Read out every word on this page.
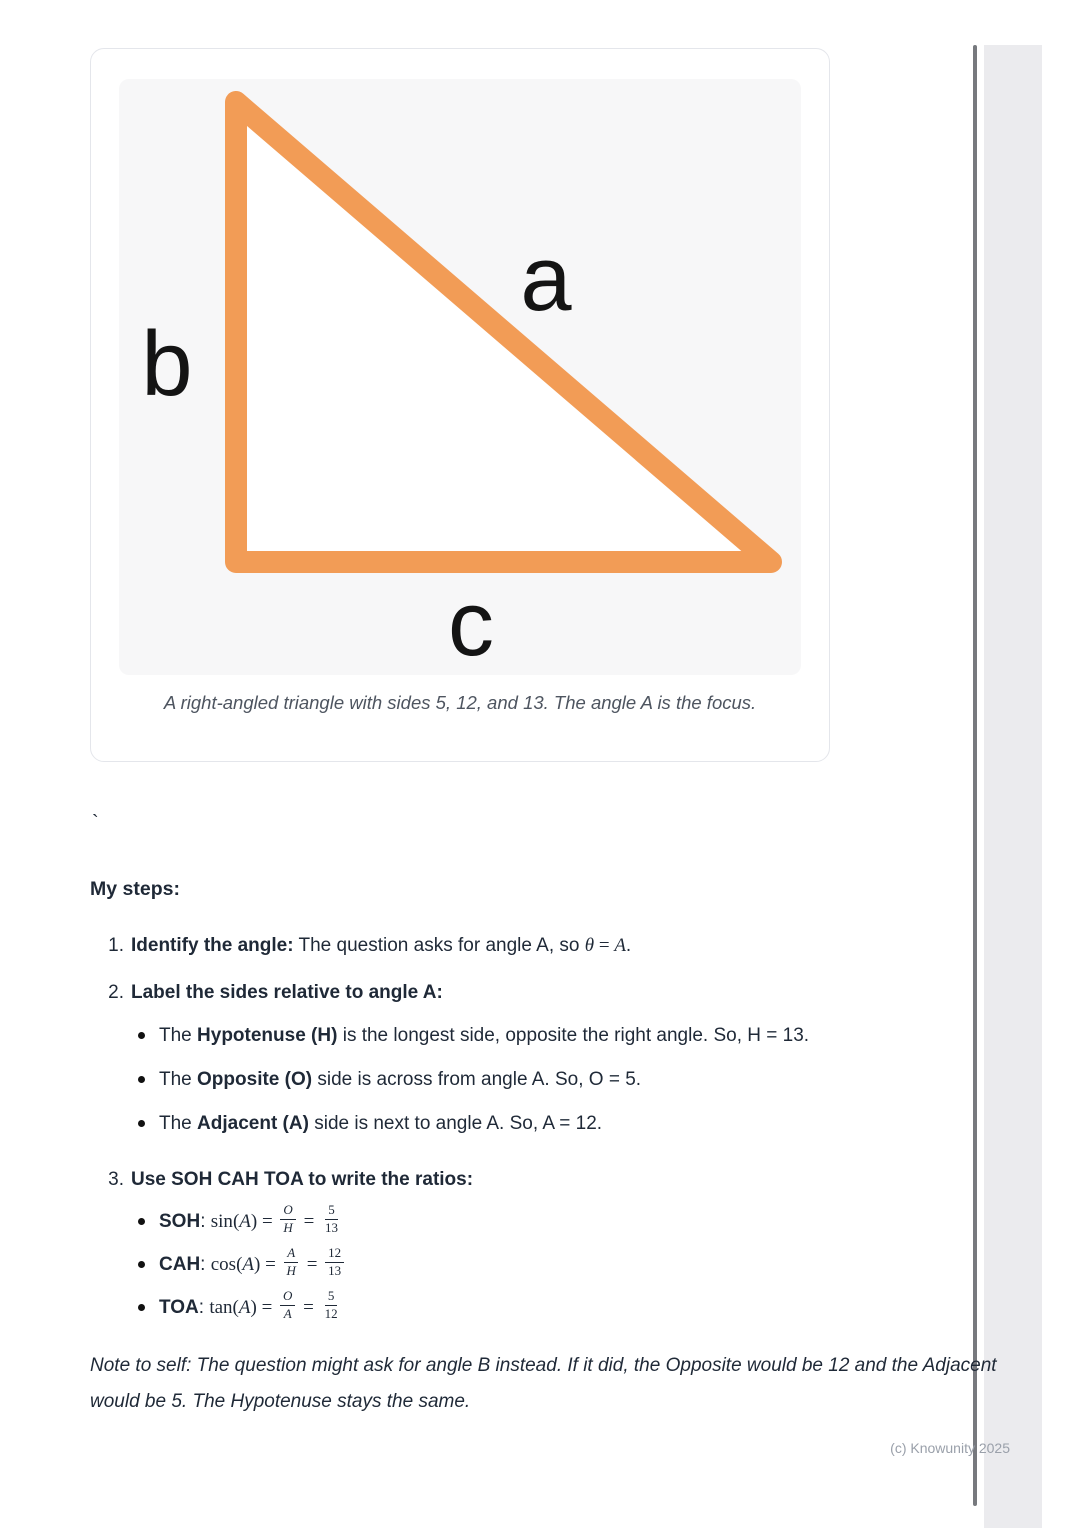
a
b
c
A right-angled triangle with sides 5, 12, and 13. The angle A is the focus.
`
My steps:
1. Identify the angle: The question asks for angle A, so θ = A.
2. Label the sides relative to angle A:
The Hypotenuse (H) is the longest side, opposite the right angle. So, H = 13.
The Opposite (O) side is across from angle A. So, O = 5.
The Adjacent (A) side is next to angle A. So, A = 12.
3. Use SOH CAH TOA to write the ratios:
SOH: $\sin(A) = \frac{O}{H} = \frac{5}{13}$
CAH: $\cos(A) = \frac{A}{H} = \frac{12}{13}$
TOA: $\tan(A) = \frac{O}{A} = \frac{5}{12}$

Note to self: The question might ask for angle B instead. If it did, the Opposite would be 12 and the Adjacent would be 5. The Hypotenuse stays the same.

(c) Knowunity 2025
